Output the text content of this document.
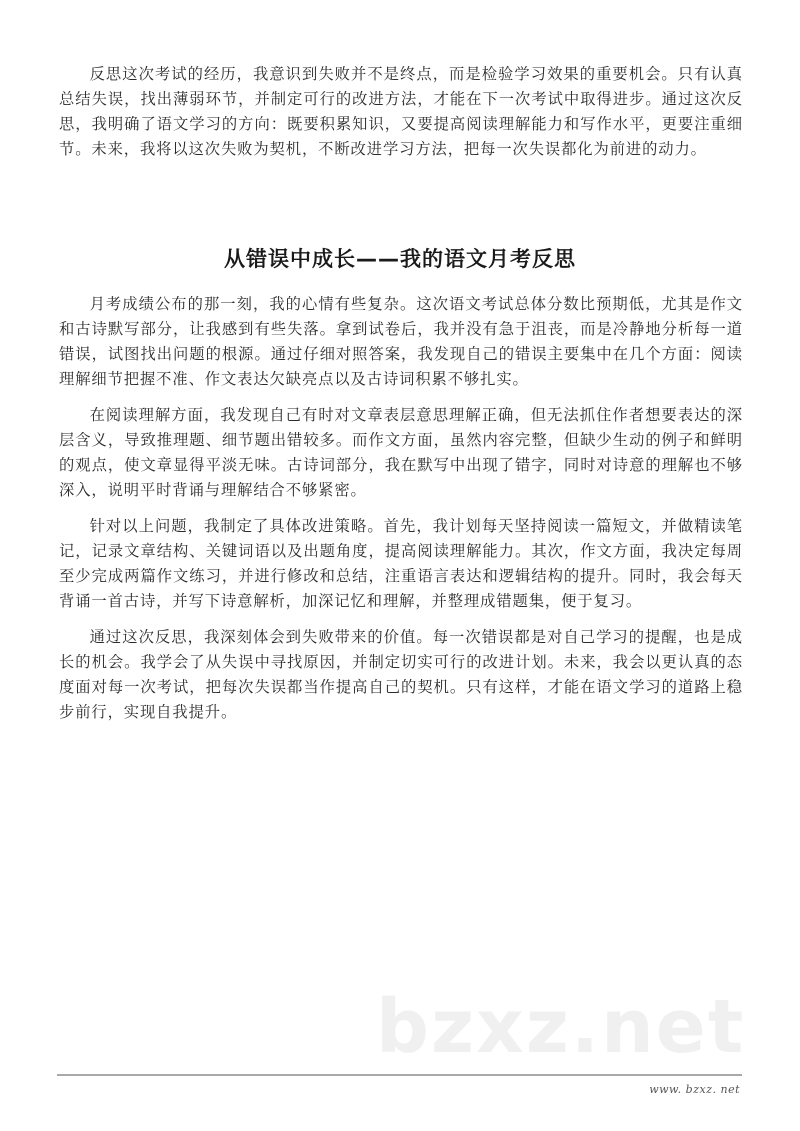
反思这次考试的经历，我意识到失败并不是终点，而是检验学习效果的重要机会。只有认真总结失误，找出薄弱环节，并制定可行的改进方法，才能在下一次考试中取得进步。通过这次反思，我明确了语文学习的方向：既要积累知识，又要提高阅读理解能力和写作水平，更要注重细节。未来，我将以这次失败为契机，不断改进学习方法，把每一次失误都化为前进的动力。

从错误中成长——我的语文月考反思

月考成绩公布的那一刻，我的心情有些复杂。这次语文考试总体分数比预期低，尤其是作文和古诗默写部分，让我感到有些失落。拿到试卷后，我并没有急于沮丧，而是冷静地分析每一道错误，试图找出问题的根源。通过仔细对照答案，我发现自己的错误主要集中在几个方面：阅读理解细节把握不准、作文表达欠缺亮点以及古诗词积累不够扎实。

在阅读理解方面，我发现自己有时对文章表层意思理解正确，但无法抓住作者想要表达的深层含义，导致推理题、细节题出错较多。而作文方面，虽然内容完整，但缺少生动的例子和鲜明的观点，使文章显得平淡无味。古诗词部分，我在默写中出现了错字，同时对诗意的理解也不够深入，说明平时背诵与理解结合不够紧密。

针对以上问题，我制定了具体改进策略。首先，我计划每天坚持阅读一篇短文，并做精读笔记，记录文章结构、关键词语以及出题角度，提高阅读理解能力。其次，作文方面，我决定每周至少完成两篇作文练习，并进行修改和总结，注重语言表达和逻辑结构的提升。同时，我会每天背诵一首古诗，并写下诗意解析，加深记忆和理解，并整理成错题集，便于复习。

通过这次反思，我深刻体会到失败带来的价值。每一次错误都是对自己学习的提醒，也是成长的机会。我学会了从失误中寻找原因，并制定切实可行的改进计划。未来，我会以更认真的态度面对每一次考试，把每次失误都当作提高自己的契机。只有这样，才能在语文学习的道路上稳步前行，实现自我提升。

bzxz.net
www. bzxz. net
